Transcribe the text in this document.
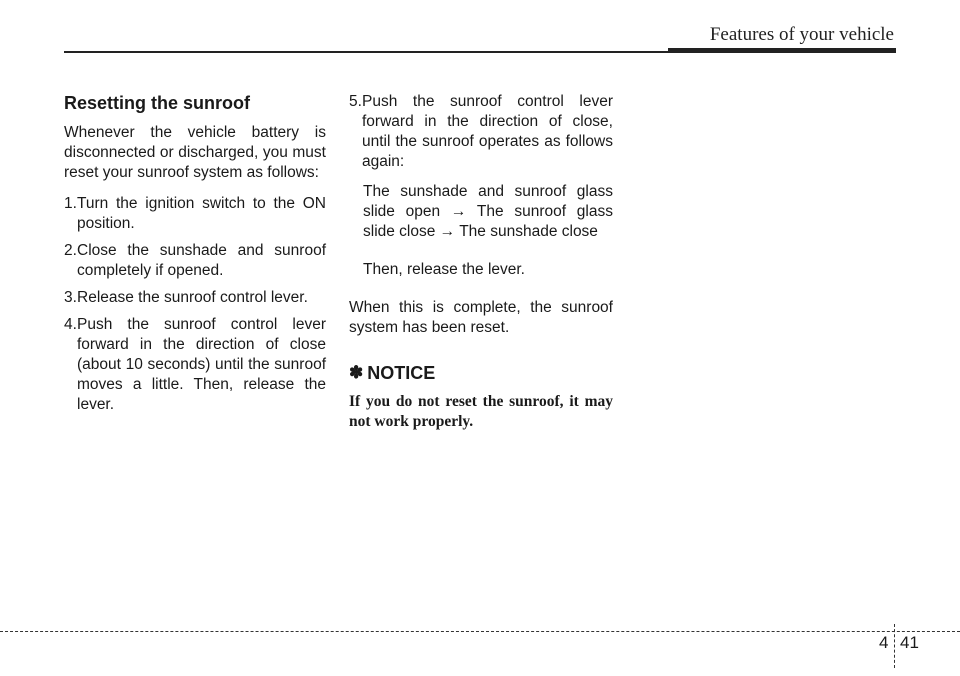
Features of your vehicle
Resetting the sunroof

Whenever the vehicle battery is disconnected or discharged, you must reset your sunroof system as follows:

1. Turn the ignition switch to the ON position.
2. Close the sunshade and sunroof completely if opened.
3. Release the sunroof control lever.
4. Push the sunroof control lever forward in the direction of close (about 10 seconds) until the sunroof moves a little. Then, release the lever.
5. Push the sunroof control lever forward in the direction of close, until the sunroof operates as follows again:

The sunshade and sunroof glass slide open → The sunroof glass slide close → The sunshade close

Then, release the lever.

When this is complete, the sunroof system has been reset.

✽ NOTICE

If you do not reset the sunroof, it may not work properly.

4 41
